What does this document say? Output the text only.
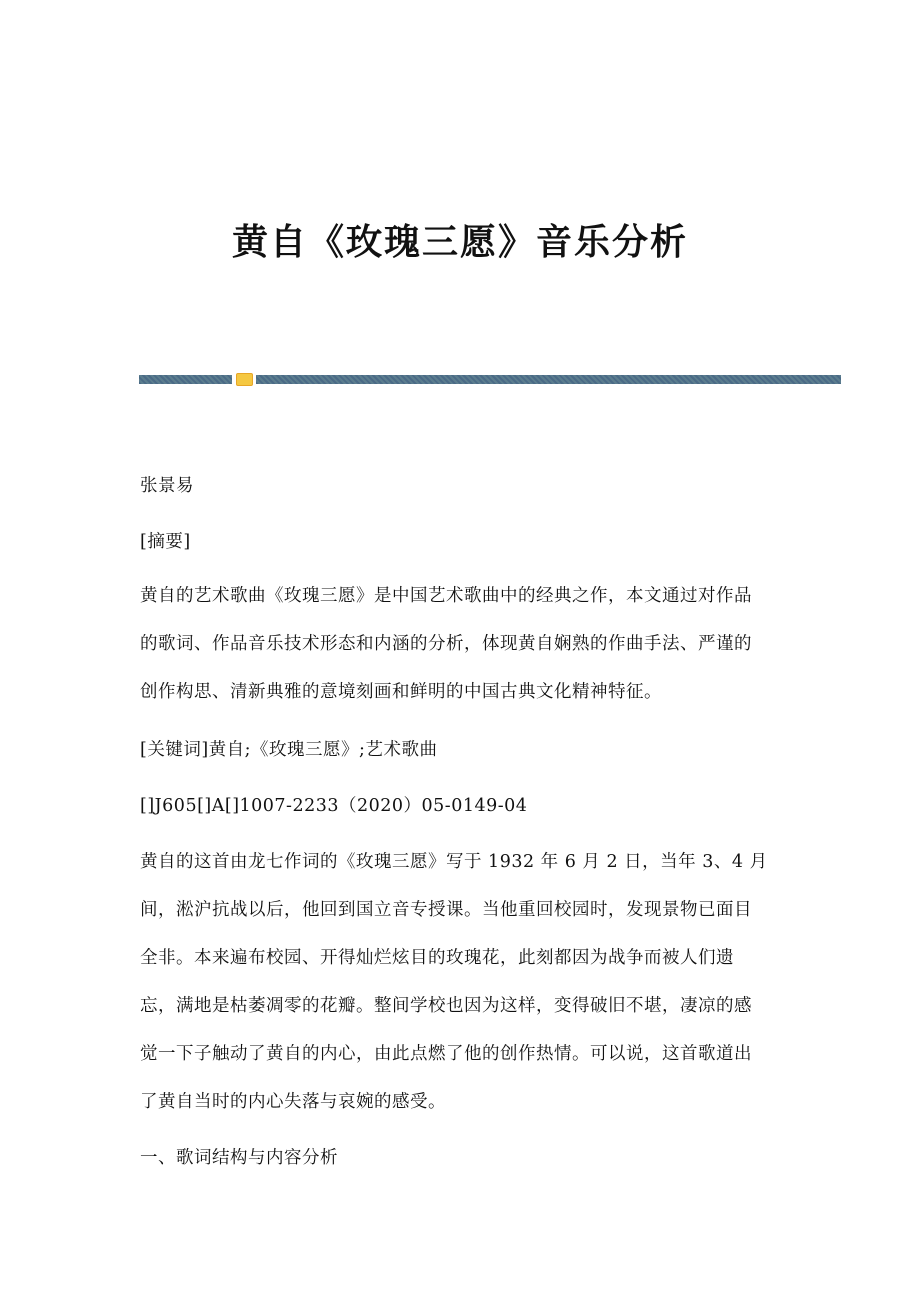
黄自《玫瑰三愿》音乐分析
张景易
[摘要]
黄自的艺术歌曲《玫瑰三愿》是中国艺术歌曲中的经典之作，本文通过对作品
的歌词、作品音乐技术形态和内涵的分析，体现黄自娴熟的作曲手法、严谨的
创作构思、清新典雅的意境刻画和鲜明的中国古典文化精神特征。
[关键词]黄自;《玫瑰三愿》;艺术歌曲
[]J605[]A[]1007-2233（2020）05-0149-04
黄自的这首由龙七作词的《玫瑰三愿》写于 1932 年 6 月 2 日，当年 3、4 月
间，淞沪抗战以后，他回到国立音专授课。当他重回校园时，发现景物已面目
全非。本来遍布校园、开得灿烂炫目的玫瑰花，此刻都因为战争而被人们遗
忘，满地是枯萎凋零的花瓣。整间学校也因为这样，变得破旧不堪，凄凉的感
觉一下子触动了黄自的内心，由此点燃了他的创作热情。可以说，这首歌道出
了黄自当时的内心失落与哀婉的感受。
一、歌词结构与内容分析
